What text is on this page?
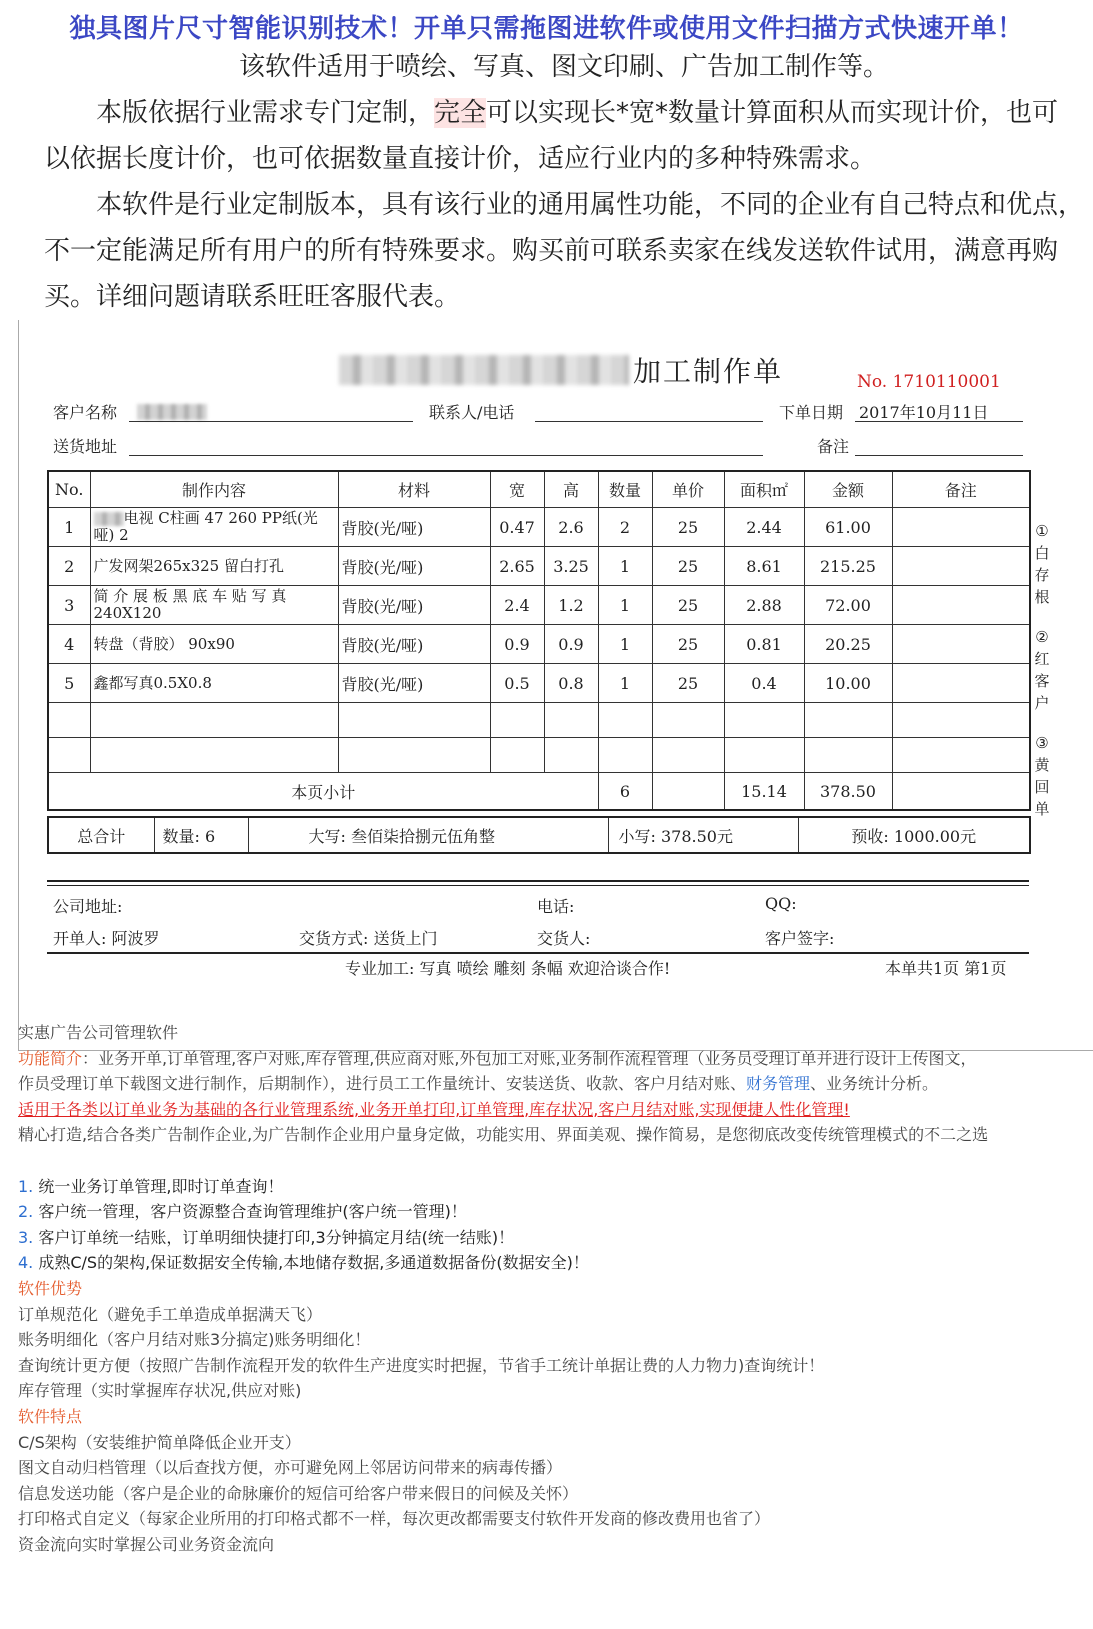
独具图片尺寸智能识别技术！开单只需拖图进软件或使用文件扫描方式快速开单！

该软件适用于喷绘、写真、图文印刷、广告加工制作等。

本版依据行业需求专门定制，完全可以实现长*宽*数量计算面积从而实现计价，也可以依据长度计价，也可依据数量直接计价，适应行业内的多种特殊需求。

本软件是行业定制版本，具有该行业的通用属性功能，不同的企业有自己特点和优点，不一定能满足所有用户的所有特殊要求。购买前可联系卖家在线发送软件试用，满意再购买。详细问题请联系旺旺客服代表。

加工制作单	No. 1710110001
客户名称	联系人/电话	下单日期 2017年10月11日
送货地址	备注
No.	制作内容	材料	宽	高	数量	单价	面积㎡	金额	备注
1	电视 C柱画 47 260 PP纸(光哑) 2	背胶(光/哑)	0.47	2.6	2	25	2.44	61.00	
2	广发网架265x325 留白打孔	背胶(光/哑)	2.65	3.25	1	25	8.61	215.25	
3	简 介 展 板 黑 底 车 贴 写 真 240X120	背胶(光/哑)	2.4	1.2	1	25	2.88	72.00	
4	转盘（背胶） 90x90	背胶(光/哑)	0.9	0.9	1	25	0.81	20.25	
5	鑫都写真0.5X0.8	背胶(光/哑)	0.5	0.8	1	25	0.4	10.00	

本页小计					6		15.14	378.50	
总合计	数量: 6	大写: 叁佰柒拾捌元伍角整	小写: 378.50元	预收: 1000.00元
①
白
存
根
②
红
客
户
③
黄
回
单
公司地址:	电话:	QQ:
开单人: 阿波罗	交货方式: 送货上门	交货人:	客户签字:
专业加工: 写真 喷绘 雕刻 条幅 欢迎洽谈合作!	本单共1页 第1页
实惠广告公司管理软件
功能简介：业务开单,订单管理,客户对账,库存管理,供应商对账,外包加工对账,业务制作流程管理（业务员受理订单并进行设计上传图文，
作员受理订单下载图文进行制作，后期制作），进行员工工作量统计、安装送货、收款、客户月结对账、财务管理、业务统计分析。
适用于各类以订单业务为基础的各行业管理系统,业务开单打印,订单管理,库存状况,客户月结对账,实现便捷人性化管理!
精心打造,结合各类广告制作企业,为广告制作企业用户量身定做，功能实用、界面美观、操作简易，是您彻底改变传统管理模式的不二之选
1. 统一业务订单管理,即时订单查询！
2. 客户统一管理，客户资源整合查询管理维护(客户统一管理)！
3. 客户订单统一结账，订单明细快捷打印,3分钟搞定月结(统一结账)！
4. 成熟C/S的架构,保证数据安全传输,本地储存数据,多通道数据备份(数据安全)！
软件优势
订单规范化（避免手工单造成单据满天飞）
账务明细化（客户月结对账3分搞定)账务明细化！
查询统计更方便（按照广告制作流程开发的软件生产进度实时把握，节省手工统计单据让费的人力物力)查询统计！
库存管理（实时掌握库存状况,供应对账)
软件特点
C/S架构（安装维护简单降低企业开支）
图文自动归档管理（以后查找方便，亦可避免网上邻居访问带来的病毒传播）
信息发送功能（客户是企业的命脉廉价的短信可给客户带来假日的问候及关怀）
打印格式自定义（每家企业所用的打印格式都不一样，每次更改都需要支付软件开发商的修改费用也省了）
资金流向实时掌握公司业务资金流向
